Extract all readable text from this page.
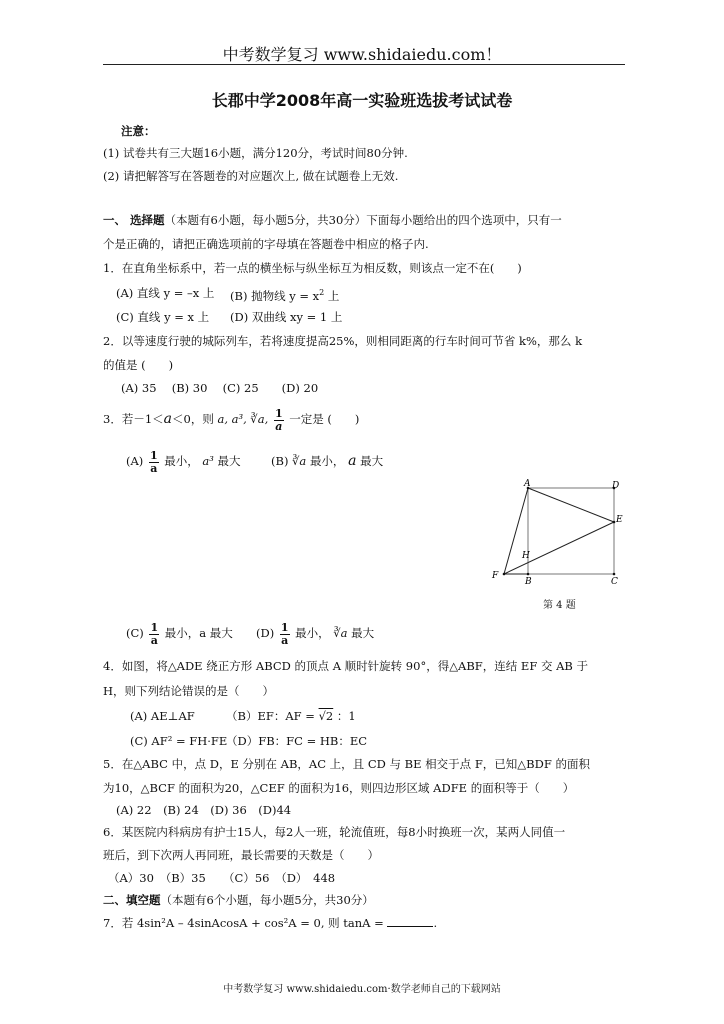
中考数学复习 www.shidaiedu.com！
长郡中学2008年高一实验班选拔考试试卷
注意：
(1) 试卷共有三大题16小题，满分120分，考试时间80分钟.
(2) 请把解答写在答题卷的对应题次上, 做在试题卷上无效.
一、 选择题（本题有6小题，每小题5分，共30分）下面每小题给出的四个选项中，只有一
个是正确的，请把正确选项前的字母填在答题卷中相应的格子内.
1．在直角坐标系中，若一点的横坐标与纵坐标互为相反数，则该点一定不在(　　)
(A) 直线 y = –x 上 (B) 抛物线 $y = x^2$ 上
(C) 直线 y = x 上 (D) 双曲线 xy = 1 上
2．以等速度行驶的城际列车，若将速度提高25%，则相同距离的行车时间可节省 k%，那么 k
的值是 (　　)
(A) 35　 (B) 30　 (C) 25　　(D) 20
3．若－1＜a＜0，则 a, a³, ∛a, $\frac{1}{a}$ 一定是 (　　)
$(A) \frac{1}{a}$ 最小， a³ 最大	(B) ∛a 最小， a 最大
A	D
E
H
F
B	C
第 4 题
$(C) \frac{1}{a}$ 最小，a 最大 $(D) \frac{1}{a}$ 最小， ∛a 最大
4．如图，将△ADE 绕正方形 ABCD 的顶点 A 顺时针旋转 90°，得△ABF，连结 EF 交 AB 于
H，则下列结论错误的是（　　）
(A) AE⊥AF	（B）EF：AF = √2 ：1
(C) AF² = FH·FE
（D）FB：FC = HB：EC
5．在△ABC 中，点 D，E 分别在 AB，AC 上，且 CD 与 BE 相交于点 F，已知△BDF 的面积
为10，△BCF 的面积为20，△CEF 的面积为16，则四边形区域 ADFE 的面积等于（　　）
(A) 22　(B) 24　(D) 36　(D)44
6．某医院内科病房有护士15人，每2人一班，轮流值班，每8小时换班一次，某两人同值一
班后，到下次两人再同班，最长需要的天数是（　　）
（A）30　（B）35　　（C）56　（D）　448
二、填空题（本题有6个小题，每小题5分，共30分）
7．若 4sin²A – 4sinAcosA + cos²A = 0, 则 tanA =	.
中考数学复习 www.shidaiedu.com·数学老师自己的下载网站
